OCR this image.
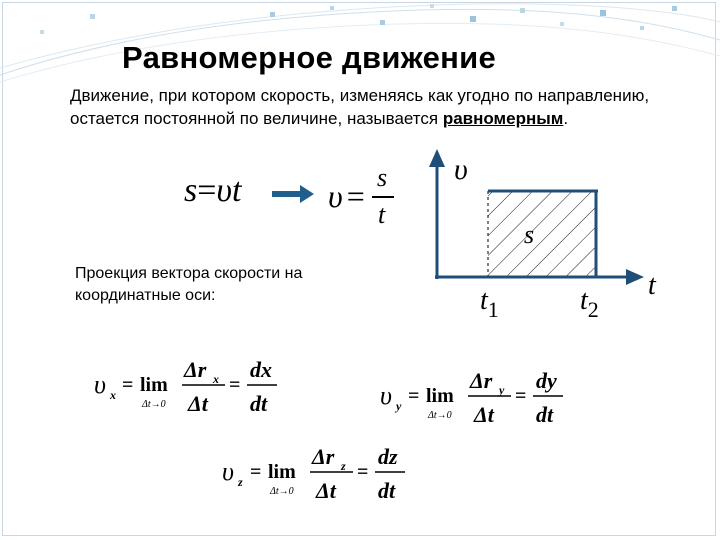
Равномерное движение
Движение, при котором скорость, изменяясь как угодно по направлению, остается постоянной по величине, называется равномерным.
s=υt	υ =
s
t
Проекция вектора скорости на координатные оси:
υ
t
s
$t_1$	$t_2$
υ x = lim
Δt→0
Δr x
Δt
=
dx
dt	υ y = lim
Δt→0
Δr y
Δt
=
dy
dt
υ z = lim
Δt→0
Δr z
Δt
=
dz
dt
